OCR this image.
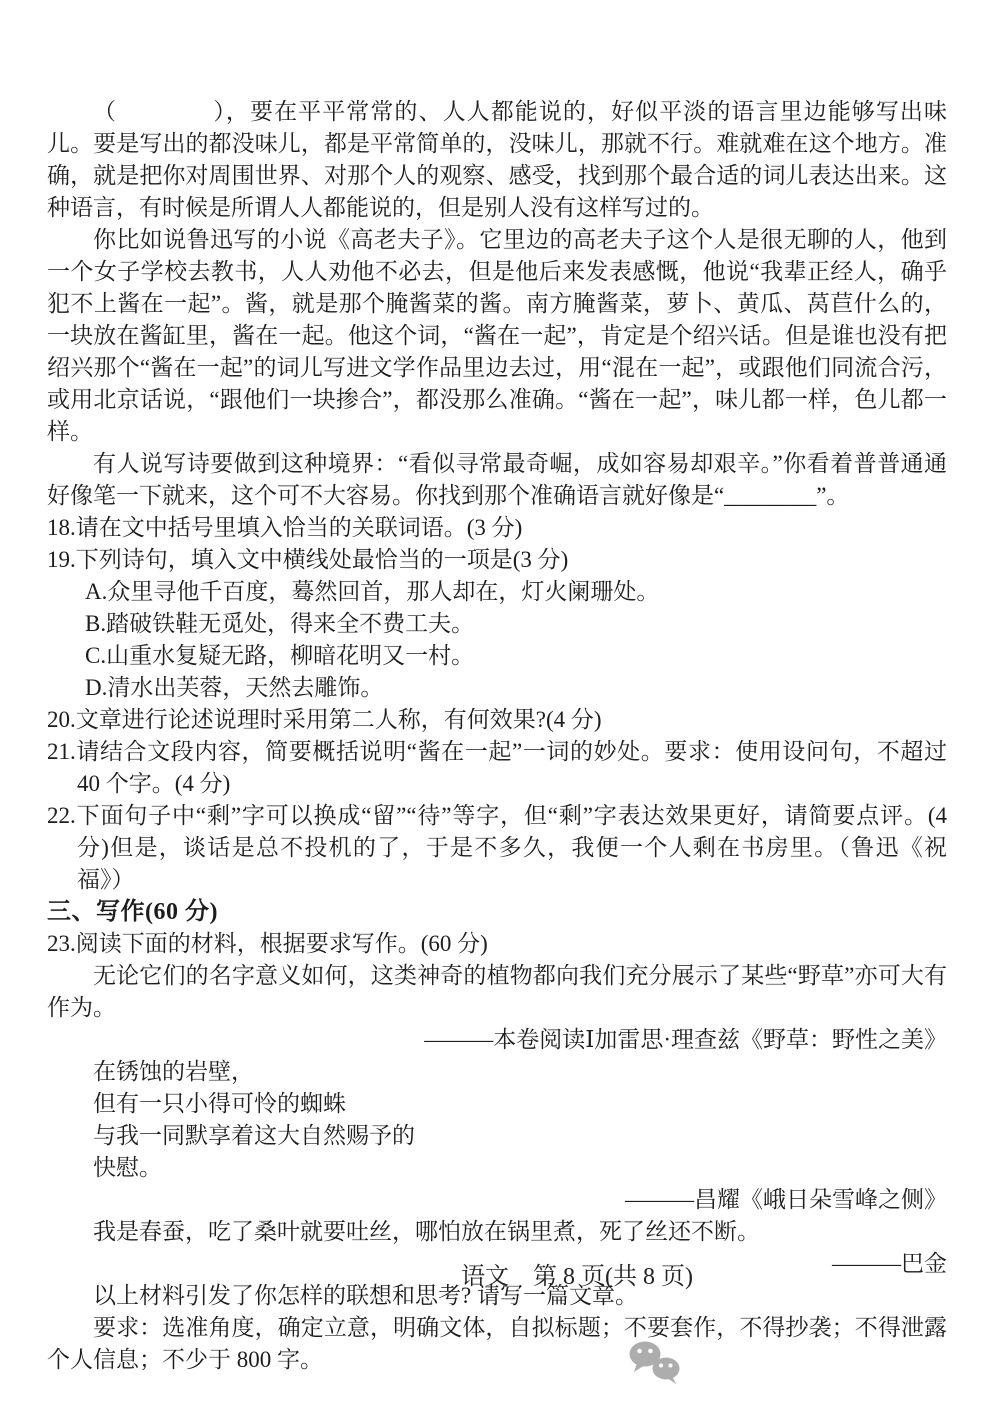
（　　　　），要在平平常常的、人人都能说的，好似平淡的语言里边能够写出味儿。要是写出的都没味儿，都是平常简单的，没味儿，那就不行。难就难在这个地方。准确，就是把你对周围世界、对那个人的观察、感受，找到那个最合适的词儿表达出来。这种语言，有时候是所谓人人都能说的，但是别人没有这样写过的。

你比如说鲁迅写的小说《高老夫子》。它里边的高老夫子这个人是很无聊的人，他到一个女子学校去教书，人人劝他不必去，但是他后来发表感慨，他说“我辈正经人，确乎犯不上酱在一起”。酱，就是那个腌酱菜的酱。南方腌酱菜，萝卜、黄瓜、莴苣什么的，一块放在酱缸里，酱在一起。他这个词，“酱在一起”，肯定是个绍兴话。但是谁也没有把绍兴那个“酱在一起”的词儿写进文学作品里边去过，用“混在一起”，或跟他们同流合污，或用北京话说，“跟他们一块掺合”，都没那么准确。“酱在一起”，味儿都一样，色儿都一样。

有人说写诗要做到这种境界：“看似寻常最奇崛，成如容易却艰辛。”你看着普普通通好像笔一下就来，这个可不大容易。你找到那个准确语言就好像是“________”。

18.请在文中括号里填入恰当的关联词语。(3 分)

19.下列诗句，填入文中横线处最恰当的一项是(3 分)

A.众里寻他千百度，蓦然回首，那人却在，灯火阑珊处。

B.踏破铁鞋无觅处，得来全不费工夫。

C.山重水复疑无路，柳暗花明又一村。

D.清水出芙蓉，天然去雕饰。

20.文章进行论述说理时采用第二人称，有何效果?(4 分)

21.请结合文段内容，简要概括说明“酱在一起”一词的妙处。要求：使用设问句，不超过 40 个字。(4 分)

22.下面句子中“剩”字可以换成“留”“待”等字，但“剩”字表达效果更好，请简要点评。(4 分)但是，谈话是总不投机的了，于是不多久，我便一个人剩在书房里。（鲁迅《祝福》）

三、写作(60 分)

23.阅读下面的材料，根据要求写作。(60 分)

无论它们的名字意义如何，这类神奇的植物都向我们充分展示了某些“野草”亦可大有作为。

———本卷阅读Ⅰ加雷思·理查兹《野草：野性之美》

在锈蚀的岩壁，

但有一只小得可怜的蜘蛛

与我一同默享着这大自然赐予的

快慰。

———昌耀《峨日朵雪峰之侧》

我是春蚕，吃了桑叶就要吐丝，哪怕放在锅里煮，死了丝还不断。

———巴金

以上材料引发了你怎样的联想和思考? 请写一篇文章。

要求：选准角度，确定立意，明确文体，自拟标题；不要套作，不得抄袭；不得泄露个人信息；不少于 800 字。

语文　第 8 页(共 8 页)
